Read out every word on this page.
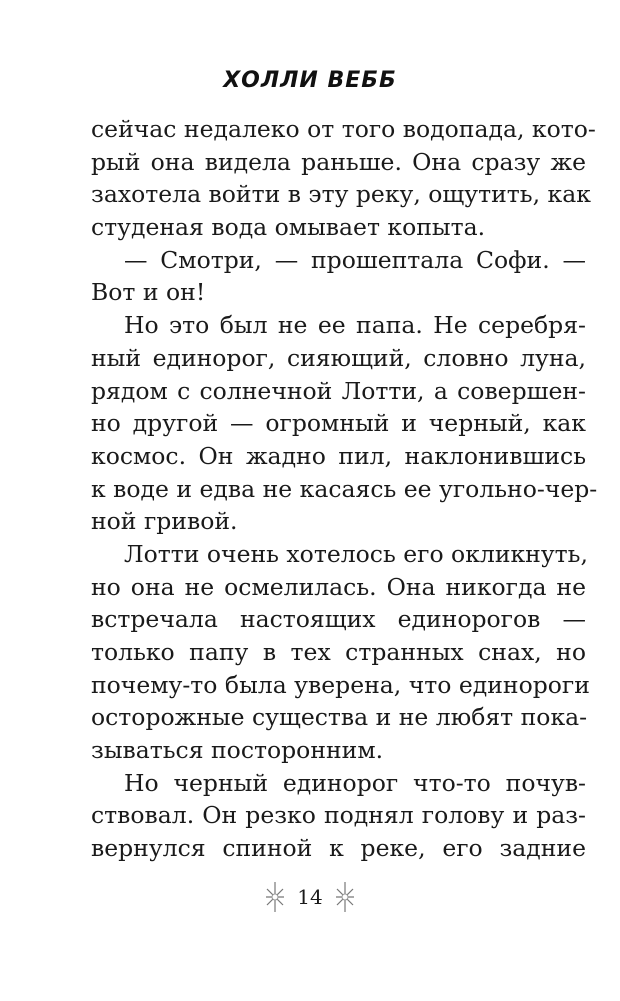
ХОЛЛИ ВЕББ
сейчас недалеко от того водопада, кото-
рый она видела раньше. Она сразу же
захотела войти в эту реку, ощутить, как
студеная вода омывает копыта.
— Смотри, — прошептала Софи. —
Вот и он!
Но это был не ее папа. Не серебря-
ный единорог, сияющий, словно луна,
рядом с солнечной Лотти, а совершен-
но другой — огромный и черный, как
космос. Он жадно пил, наклонившись
к воде и едва не касаясь ее угольно-чер-
ной гривой.
Лотти очень хотелось его окликнуть,
но она не осмелилась. Она никогда не
встречала настоящих единорогов —
только папу в тех странных снах, но
почему-то была уверена, что единороги
осторожные существа и не любят пока-
зываться посторонним.
Но черный единорог что-то почув-
ствовал. Он резко поднял голову и раз-
вернулся спиной к реке, его задние
14
